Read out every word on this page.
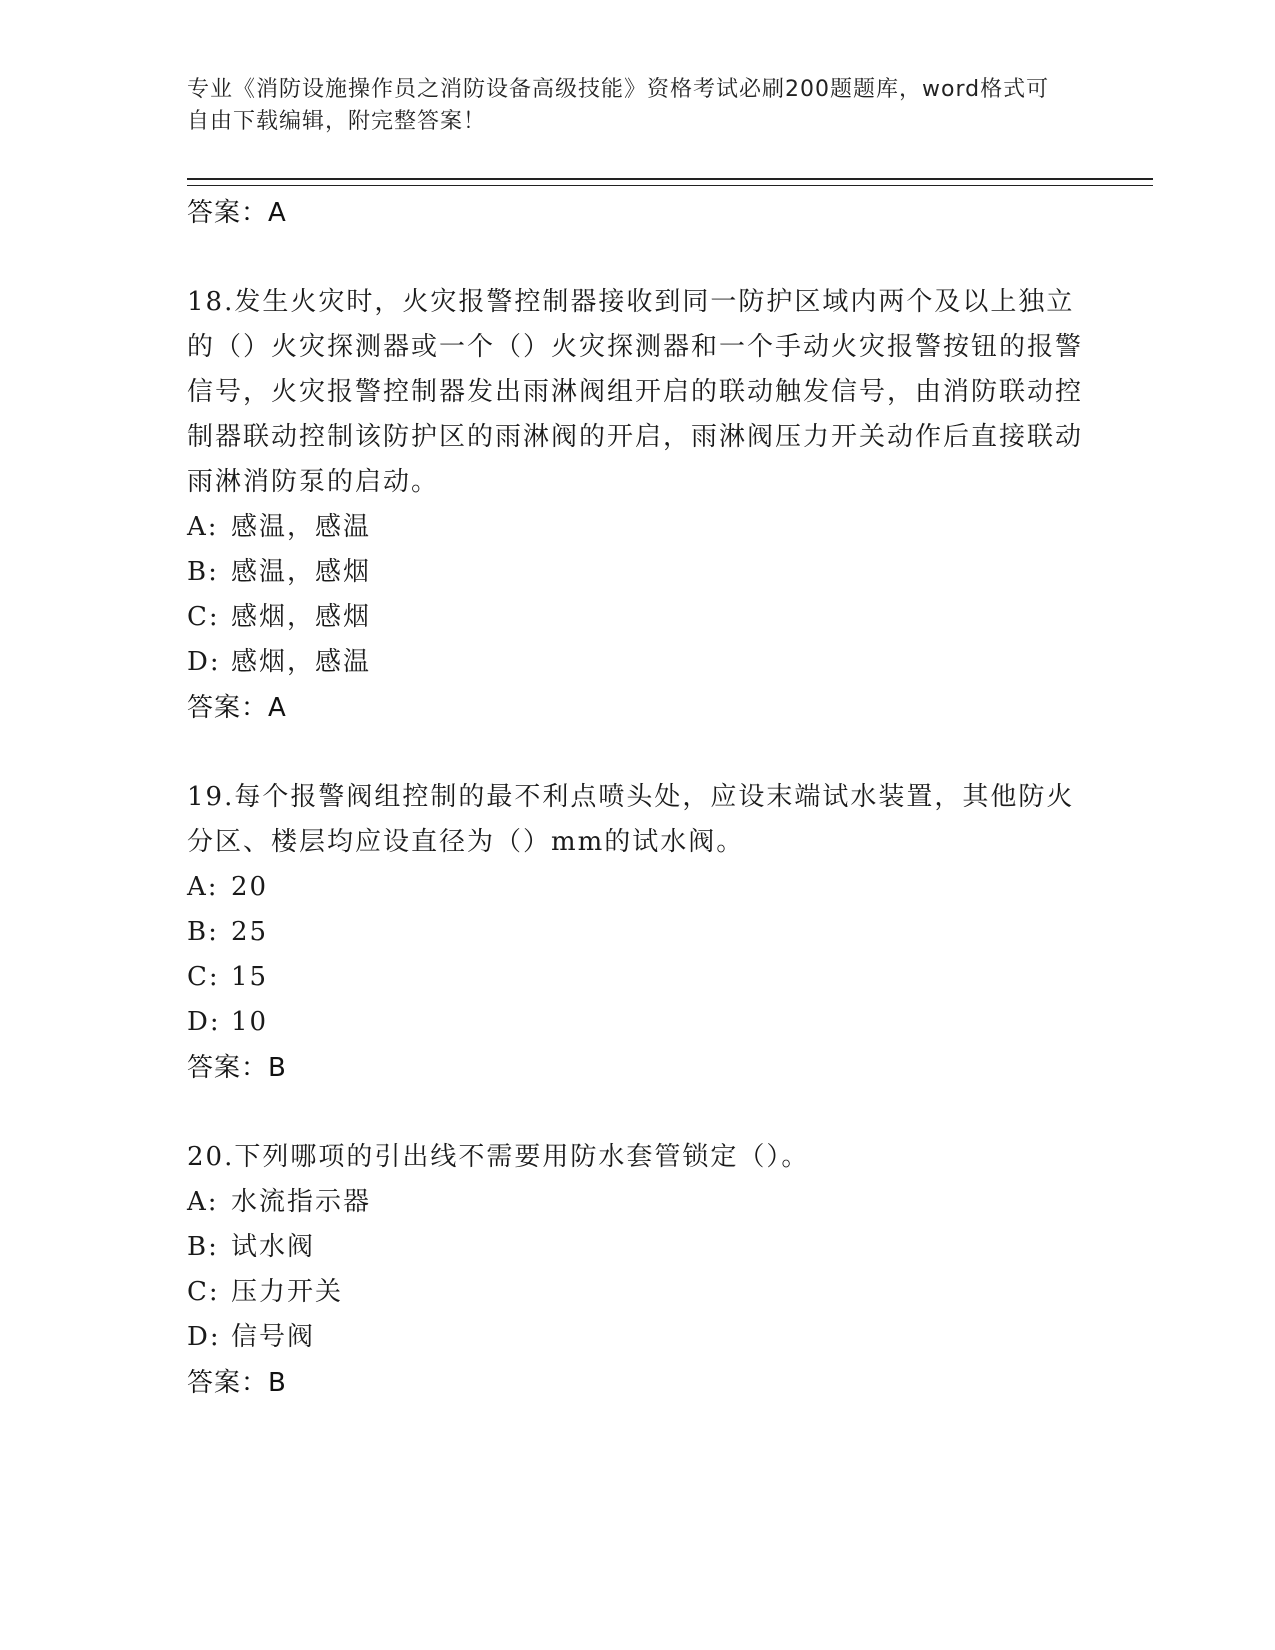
专业《消防设施操作员之消防设备高级技能》资格考试必刷200题题库，word格式可自由下载编辑，附完整答案！
答案：A
18.发生火灾时，火灾报警控制器接收到同一防护区域内两个及以上独立的（）火灾探测器或一个（）火灾探测器和一个手动火灾报警按钮的报警信号，火灾报警控制器发出雨淋阀组开启的联动触发信号，由消防联动控制器联动控制该防护区的雨淋阀的开启，雨淋阀压力开关动作后直接联动雨淋消防泵的启动。
A: 感温，感温
B: 感温，感烟
C: 感烟，感烟
D: 感烟，感温
答案：A
19.每个报警阀组控制的最不利点喷头处，应设末端试水装置，其他防火分区、楼层均应设直径为（）mm的试水阀。
A: 20
B: 25
C: 15
D: 10
答案：B
20.下列哪项的引出线不需要用防水套管锁定（）。
A: 水流指示器
B: 试水阀
C: 压力开关
D: 信号阀
答案：B
